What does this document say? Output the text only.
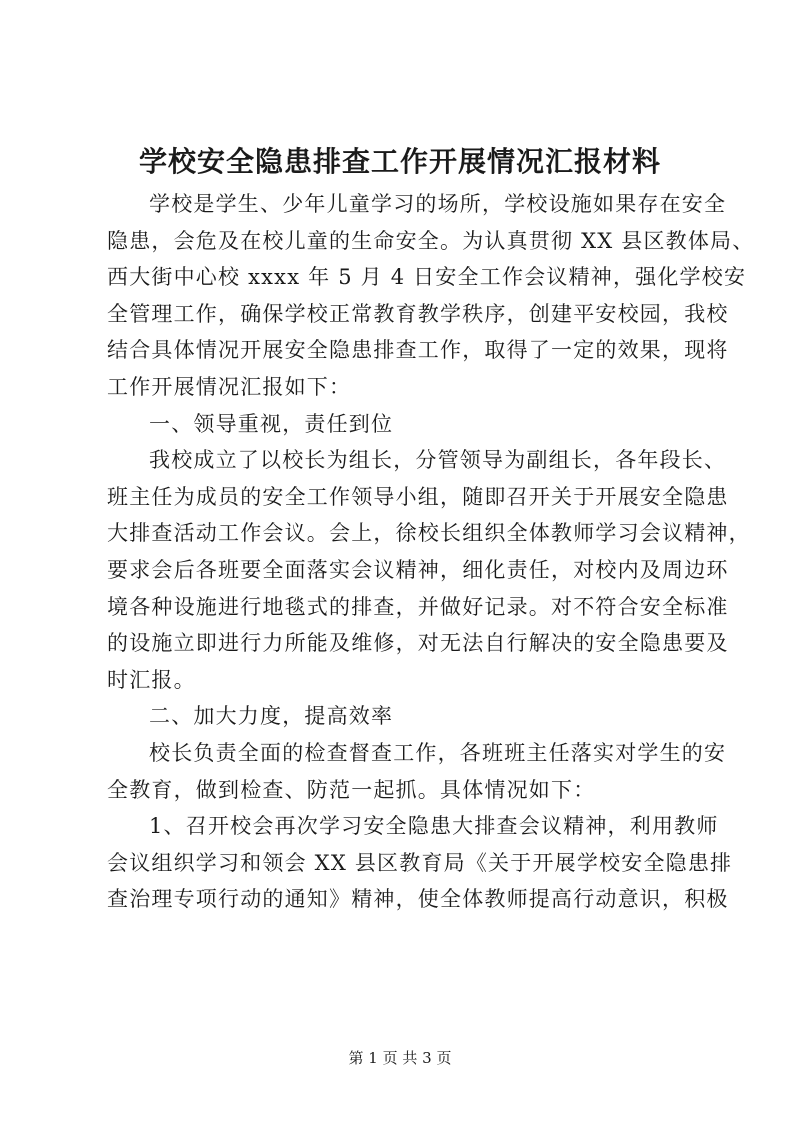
学校安全隐患排查工作开展情况汇报材料
学校是学生、少年儿童学习的场所，学校设施如果存在安全
隐患，会危及在校儿童的生命安全。为认真贯彻 XX 县区教体局、
西大街中心校 xxxx 年 5 月 4 日安全工作会议精神，强化学校安
全管理工作，确保学校正常教育教学秩序，创建平安校园，我校
结合具体情况开展安全隐患排查工作，取得了一定的效果，现将
工作开展情况汇报如下：
一、领导重视，责任到位
我校成立了以校长为组长，分管领导为副组长，各年段长、
班主任为成员的安全工作领导小组，随即召开关于开展安全隐患
大排查活动工作会议。会上，徐校长组织全体教师学习会议精神，
要求会后各班要全面落实会议精神，细化责任，对校内及周边环
境各种设施进行地毯式的排查，并做好记录。对不符合安全标准
的设施立即进行力所能及维修，对无法自行解决的安全隐患要及
时汇报。
二、加大力度，提高效率
校长负责全面的检查督查工作，各班班主任落实对学生的安
全教育，做到检查、防范一起抓。具体情况如下：
1、召开校会再次学习安全隐患大排查会议精神，利用教师
会议组织学习和领会 XX 县区教育局《关于开展学校安全隐患排
查治理专项行动的通知》精神，使全体教师提高行动意识，积极
第 1 页 共 3 页
